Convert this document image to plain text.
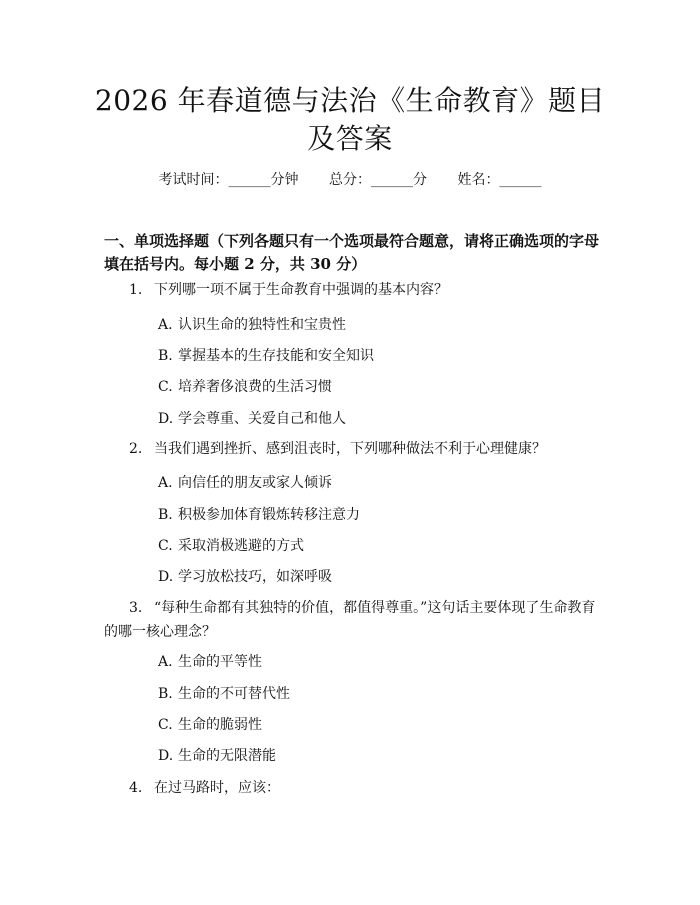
2026 年春道德与法治《生命教育》题目及答案
考试时间：______分钟 总分：______分 姓名：______
一、单项选择题（下列各题只有一个选项最符合题意，请将正确选项的字母填在括号内。每小题 2 分，共 30 分）
1. 下列哪一项不属于生命教育中强调的基本内容？
A. 认识生命的独特性和宝贵性
B. 掌握基本的生存技能和安全知识
C. 培养奢侈浪费的生活习惯
D. 学会尊重、关爱自己和他人
2. 当我们遇到挫折、感到沮丧时，下列哪种做法不利于心理健康？
A. 向信任的朋友或家人倾诉
B. 积极参加体育锻炼转移注意力
C. 采取消极逃避的方式
D. 学习放松技巧，如深呼吸
3. “每种生命都有其独特的价值，都值得尊重。”这句话主要体现了生命教育的哪一核心理念？
A. 生命的平等性
B. 生命的不可替代性
C. 生命的脆弱性
D. 生命的无限潜能
4. 在过马路时，应该：
